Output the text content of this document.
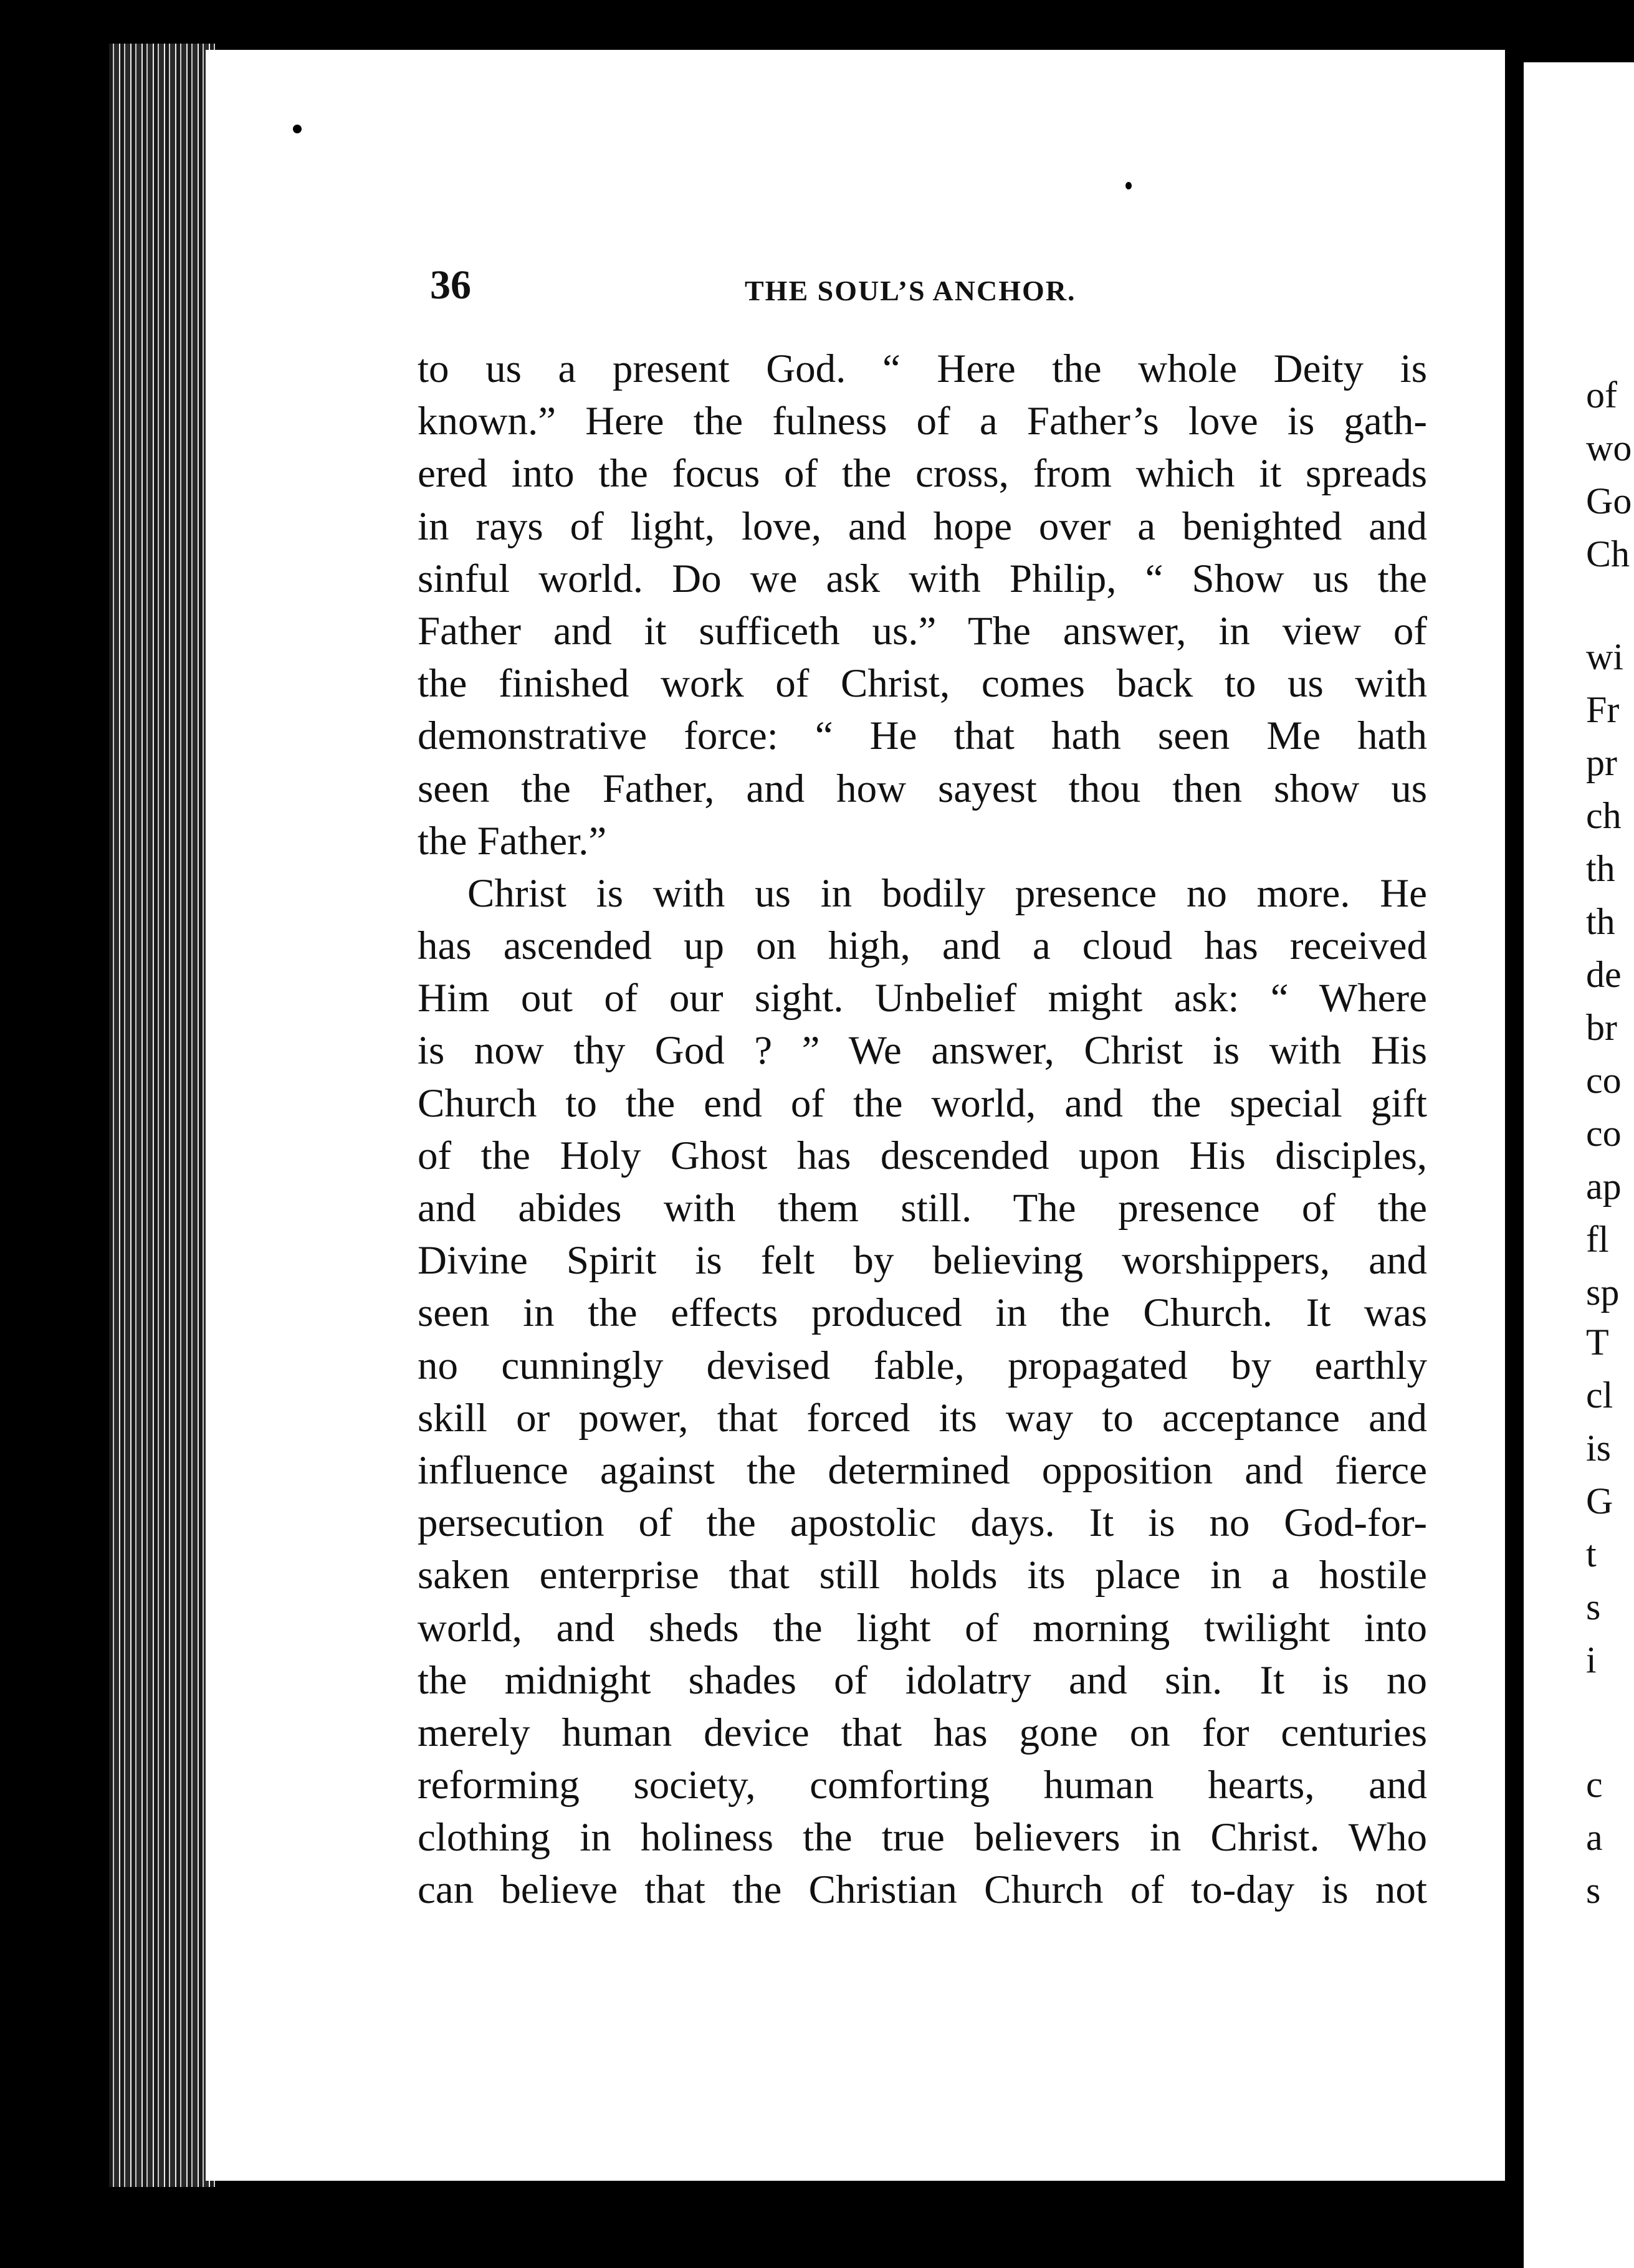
36	THE SOUL’S ANCHOR.
to us a present God. “ Here the whole Deity is
known.” Here the fulness of a Father’s love is gath-
ered into the focus of the cross, from which it spreads
in rays of light, love, and hope over a benighted and
sinful world. Do we ask with Philip, “ Show us the
Father and it sufficeth us.” The answer, in view of
the finished work of Christ, comes back to us with
demonstrative force: “ He that hath seen Me hath
seen the Father, and how sayest thou then show us
the Father.”
Christ is with us in bodily presence no more. He
has ascended up on high, and a cloud has received
Him out of our sight. Unbelief might ask: “ Where
is now thy God ? ” We answer, Christ is with His
Church to the end of the world, and the special gift
of the Holy Ghost has descended upon His disciples,
and abides with them still. The presence of the
Divine Spirit is felt by believing worshippers, and
seen in the effects produced in the Church. It was
no cunningly devised fable, propagated by earthly
skill or power, that forced its way to acceptance and
influence against the determined opposition and fierce
persecution of the apostolic days. It is no God-for-
saken enterprise that still holds its place in a hostile
world, and sheds the light of morning twilight into
the midnight shades of idolatry and sin. It is no
merely human device that has gone on for centuries
reforming society, comforting human hearts, and
clothing in holiness the true believers in Christ. Who
can believe that the Christian Church of to-day is not
of
wo
Go
Ch
wi
Fr
pr
ch
th
th
de
br
co
co
ap
fl
sp
T
cl
is
G
t
s
i
c
a
s
